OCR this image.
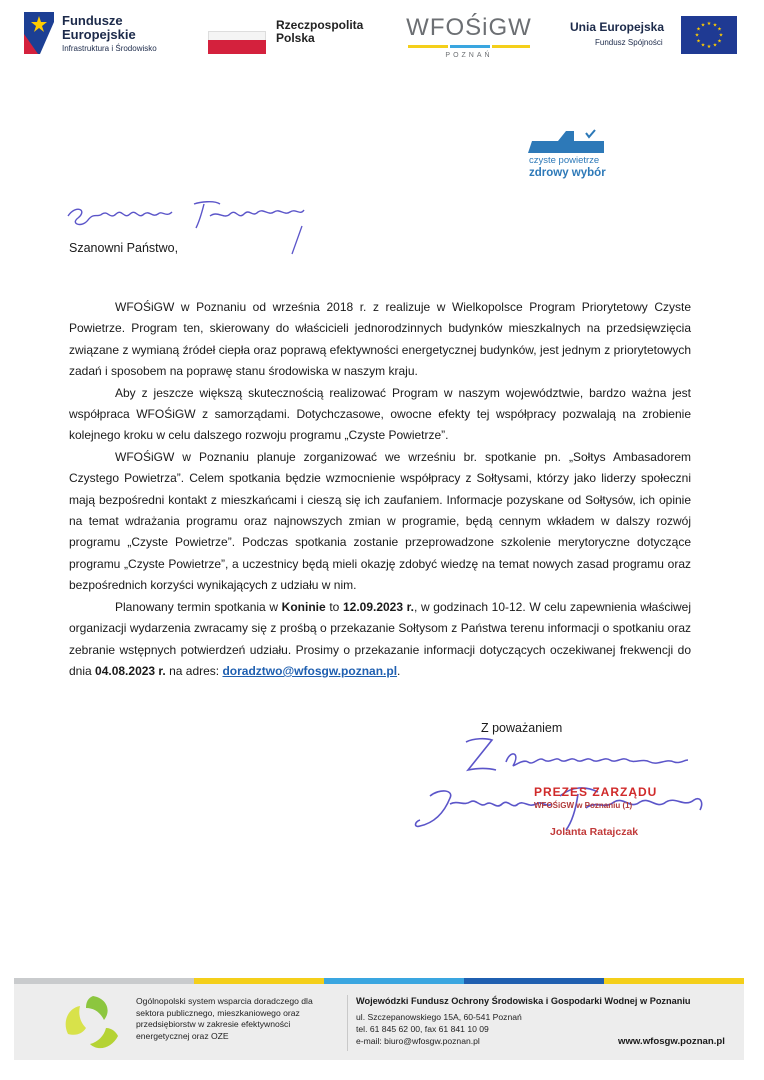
Fundusze
Europejskie
Infrastruktura i Środowisko
Rzeczpospolita
Polska	WFOŚiGW
POZNAŃ
Unia Europejska
Fundusz Spójności
★ ★
★
★
★
★
★
★
★
★
★
★
czyste powietrze
zdrowy wybór
Szanowni Państwo,

WFOŚiGW w Poznaniu od września 2018 r. z realizuje w Wielkopolsce Program Priorytetowy Czyste Powietrze. Program ten, skierowany do właścicieli jednorodzinnych budynków mieszkalnych na przedsięwzięcia związane z wymianą źródeł ciepła oraz poprawą efektywności energetycznej budynków, jest jednym z priorytetowych zadań i sposobem na poprawę stanu środowiska w naszym kraju.

Aby z jeszcze większą skutecznością realizować Program w naszym województwie, bardzo ważna jest współpraca WFOŚiGW z samorządami. Dotychczasowe, owocne efekty tej współpracy pozwalają na zrobienie kolejnego kroku w celu dalszego rozwoju programu „Czyste Powietrze”.

WFOŚiGW w Poznaniu planuje zorganizować we wrześniu br. spotkanie pn. „Sołtys Ambasadorem Czystego Powietrza”. Celem spotkania będzie wzmocnienie współpracy z Sołtysami, którzy jako liderzy społeczni mają bezpośredni kontakt z mieszkańcami i cieszą się ich zaufaniem. Informacje pozyskane od Sołtysów, ich opinie na temat wdrażania programu oraz najnowszych zmian w programie, będą cennym wkładem w dalszy rozwój programu „Czyste Powietrze”. Podczas spotkania zostanie przeprowadzone szkolenie merytoryczne dotyczące programu „Czyste Powietrze”, a uczestnicy będą mieli okazję zdobyć wiedzę na temat nowych zasad programu oraz bezpośrednich korzyści wynikających z udziału w nim.

Planowany termin spotkania w Koninie to 12.09.2023 r., w godzinach 10-12. W celu zapewnienia właściwej organizacji wydarzenia zwracamy się z prośbą o przekazanie Sołtysom z Państwa terenu informacji o spotkaniu oraz zebranie wstępnych potwierdzeń udziału. Prosimy o przekazanie informacji dotyczących oczekiwanej frekwencji do dnia 04.08.2023 r. na adres: doradztwo@wfosgw.poznan.pl.

Z poważaniem
PREZES ZARZĄDU
WFOŚiGW w Poznaniu (1)
Jolanta Ratajczak
Ogólnopolski system wsparcia doradczego dla sektora publicznego, mieszkaniowego oraz przedsiębiorstw w zakresie efektywności energetycznej oraz OZE
Wojewódzki Fundusz Ochrony Środowiska i Gospodarki Wodnej w Poznaniu
ul. Szczepanowskiego 15A, 60-541 Poznań
tel. 61 845 62 00, fax 61 841 10 09
e-mail: biuro@wfosgw.poznan.pl	www.wfosgw.poznan.pl
